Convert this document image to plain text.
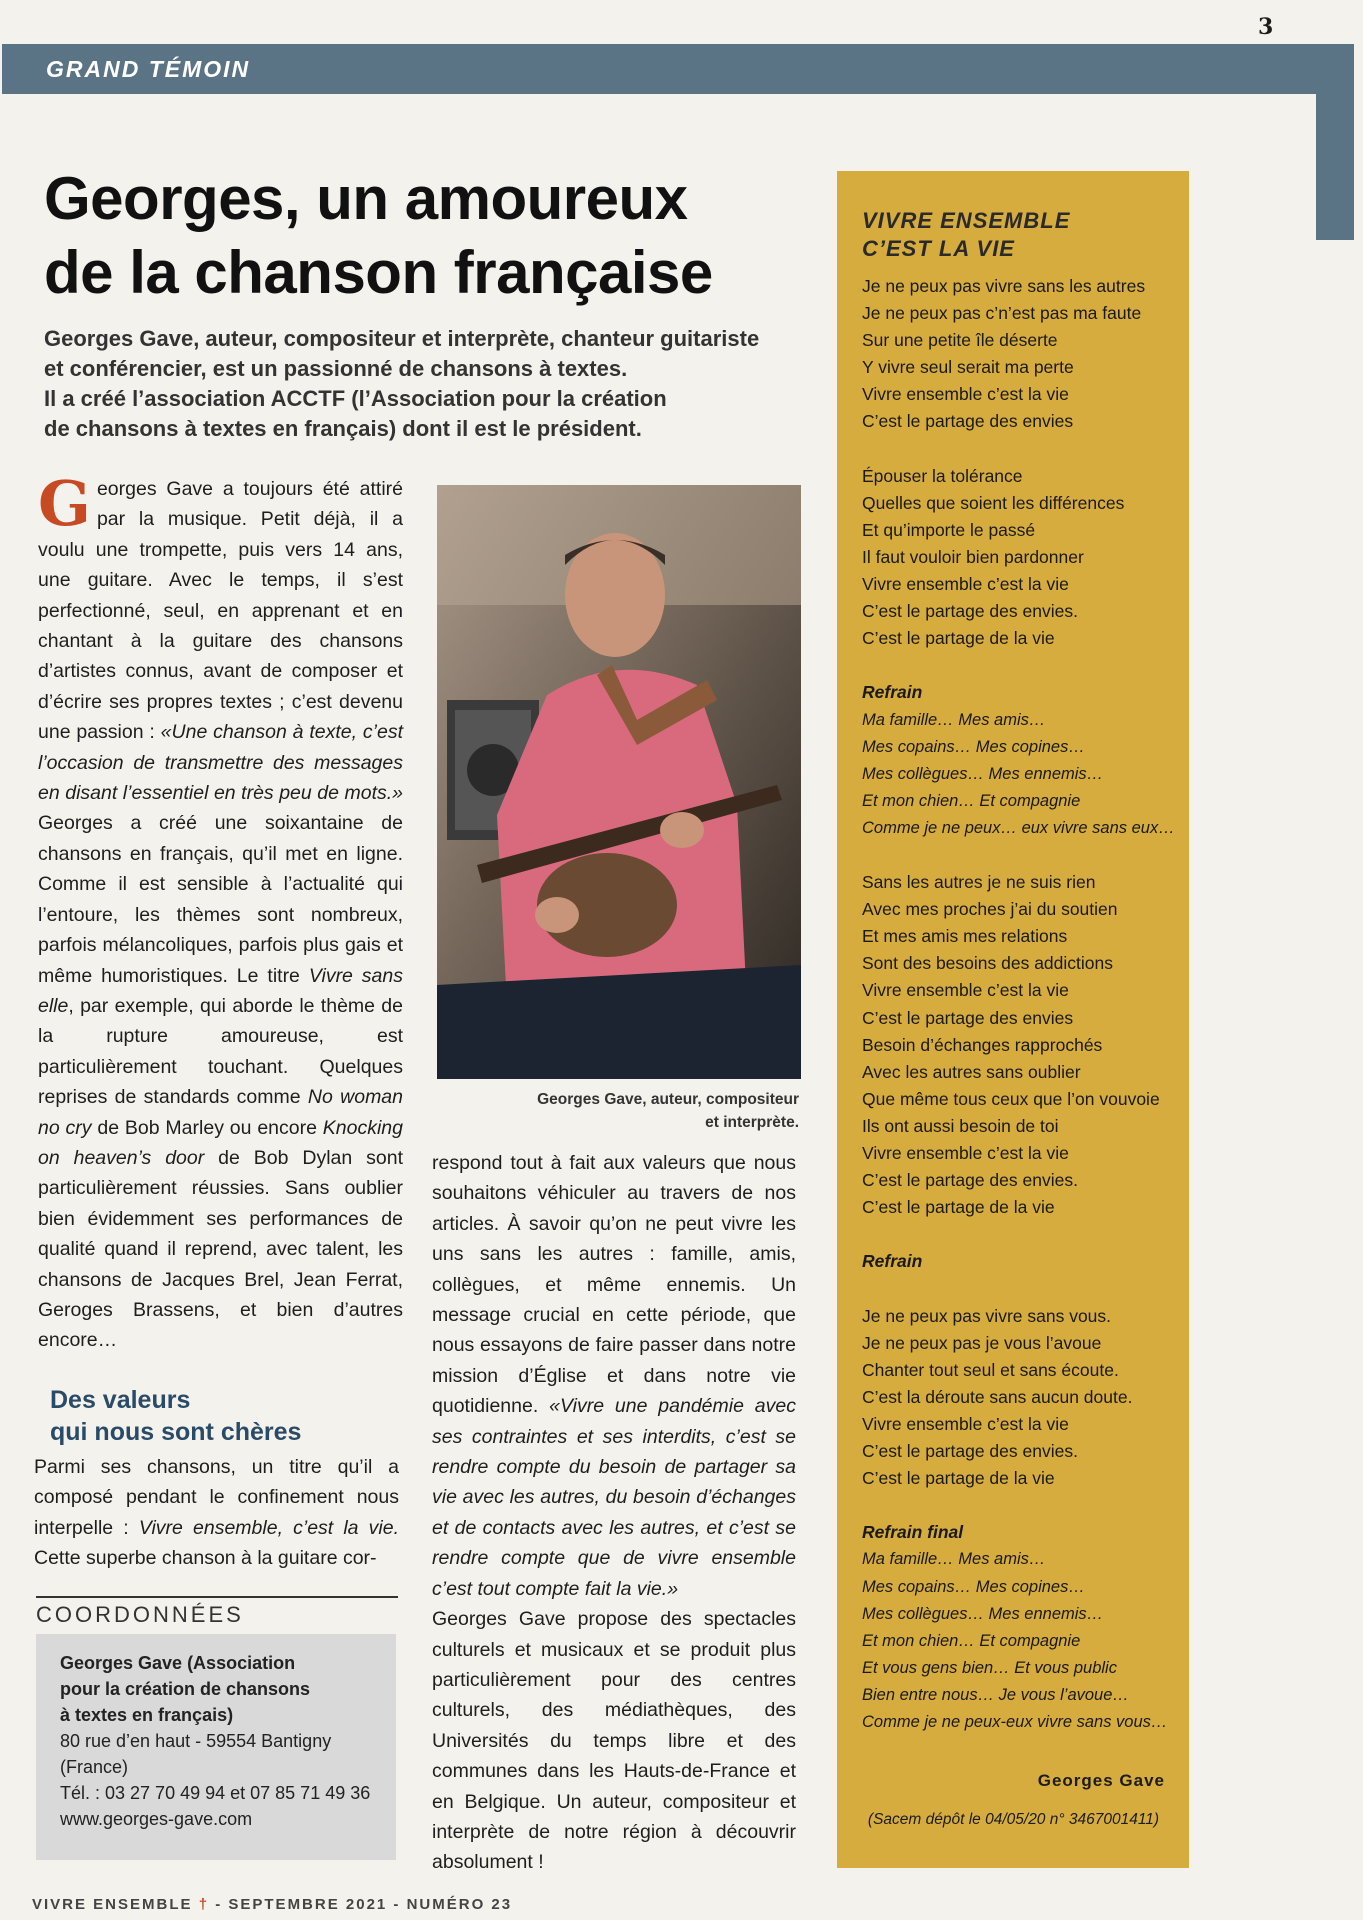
3
GRAND TÉMOIN
Georges, un amoureux
de la chanson française

Georges Gave, auteur, compositeur et interprète, chanteur guitariste
et conférencier, est un passionné de chansons à textes.
Il a créé l’association ACCTF (l’Association pour la création
de chansons à textes en français) dont il est le président.

Georges Gave a toujours été attiré par la musique. Petit déjà, il a voulu une trompette, puis vers 14 ans, une guitare. Avec le temps, il s’est perfectionné, seul, en apprenant et en chantant à la guitare des chansons d’artistes connus, avant de composer et d’écrire ses propres textes ; c’est devenu une passion : «Une chanson à texte, c’est l’occasion de transmettre des messages en disant l’essentiel en très peu de mots.» Georges a créé une soixantaine de chansons en français, qu’il met en ligne. Comme il est sensible à l’actualité qui l’entoure, les thèmes sont nombreux, parfois mélancoliques, parfois plus gais et même humoristiques. Le titre Vivre sans elle, par exemple, qui aborde le thème de la rupture amoureuse, est particulièrement touchant. Quelques reprises de standards comme No woman no cry de Bob Marley ou encore Knocking on heaven’s door de Bob Dylan sont particulièrement réussies. Sans oublier bien évidemment ses performances de qualité quand il reprend, avec talent, les chansons de Jacques Brel, Jean Ferrat, Geroges Brassens, et bien d’autres encore…
Des valeurs
qui nous sont chères
Parmi ses chansons, un titre qu’il a composé pendant le confinement nous interpelle : Vivre ensemble, c’est la vie. Cette superbe chanson à la guitare cor-

Georges Gave, auteur, compositeur
et interprète.

respond tout à fait aux valeurs que nous souhaitons véhiculer au travers de nos articles. À savoir qu’on ne peut vivre les uns sans les autres : famille, amis, collègues, et même ennemis. Un message crucial en cette période, que nous essayons de faire passer dans notre mission d’Église et dans notre vie quotidienne. «Vivre une pandémie avec ses contraintes et ses interdits, c’est se rendre compte du besoin de partager sa vie avec les autres, du besoin d’échanges et de contacts avec les autres, et c’est se rendre compte que de vivre ensemble c’est tout compte fait la vie.»
Georges Gave propose des spectacles culturels et musicaux et se produit plus particulièrement pour des centres culturels, des médiathèques, des Universités du temps libre et des communes dans les Hauts-de-France et en Belgique. Un auteur, compositeur et interprète de notre région à découvrir absolument !

COORDONNÉES

Georges Gave (Association
pour la création de chansons
à textes en français)
80 rue d’en haut - 59554 Bantigny
(France)
Tél. : 03 27 70 49 94 et 07 85 71 49 36
www.georges-gave.com
VIVRE ENSEMBLE
C’EST LA VIE
Je ne peux pas vivre sans les autres
Je ne peux pas c’n’est pas ma faute
Sur une petite île déserte
Y vivre seul serait ma perte
Vivre ensemble c’est la vie
C’est le partage des envies
Épouser la tolérance
Quelles que soient les différences
Et qu’importe le passé
Il faut vouloir bien pardonner
Vivre ensemble c’est la vie
C’est le partage des envies.
C’est le partage de la vie
Refrain
Ma famille… Mes amis…
Mes copains… Mes copines…
Mes collègues… Mes ennemis…
Et mon chien… Et compagnie
Comme je ne peux… eux vivre sans eux…
Sans les autres je ne suis rien
Avec mes proches j’ai du soutien
Et mes amis mes relations
Sont des besoins des addictions
Vivre ensemble c’est la vie
C’est le partage des envies
Besoin d’échanges rapprochés
Avec les autres sans oublier
Que même tous ceux que l’on vouvoie
Ils ont aussi besoin de toi
Vivre ensemble c’est la vie
C’est le partage des envies.
C’est le partage de la vie
Refrain
Je ne peux pas vivre sans vous.
Je ne peux pas je vous l’avoue
Chanter tout seul et sans écoute.
C’est la déroute sans aucun doute.
Vivre ensemble c’est la vie
C’est le partage des envies.
C’est le partage de la vie
Refrain final
Ma famille… Mes amis…
Mes copains… Mes copines…
Mes collègues… Mes ennemis…
Et mon chien… Et compagnie
Et vous gens bien… Et vous public
Bien entre nous… Je vous l’avoue…
Comme je ne peux-eux vivre sans vous…
Georges Gave
(Sacem dépôt le 04/05/20 n° 3467001411)
VIVRE ENSEMBLE † - SEPTEMBRE 2021 - NUMÉRO 23
